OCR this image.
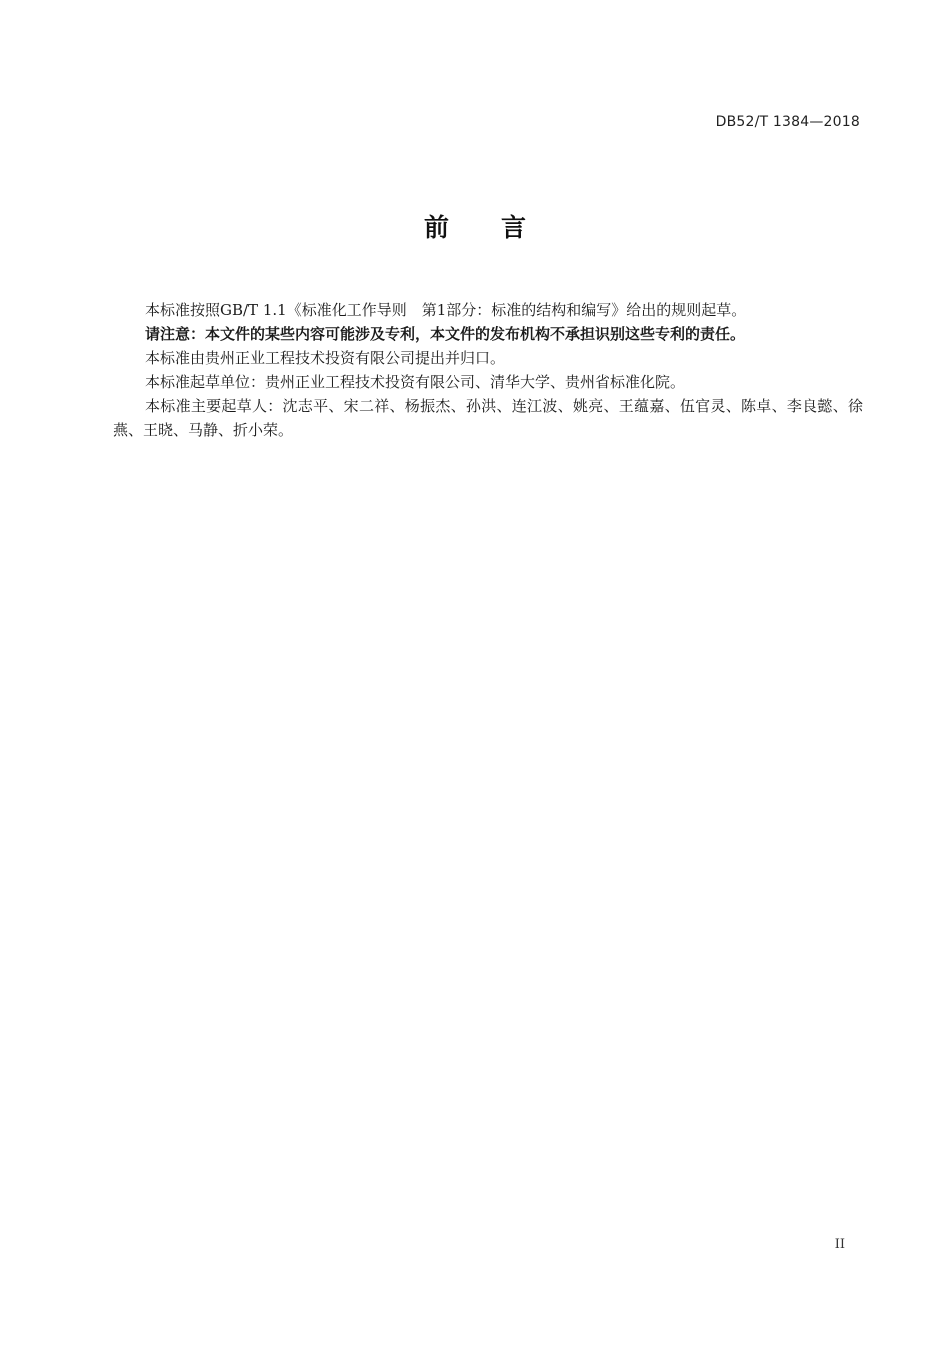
DB52/T 1384—2018
前言

本标准按照GB/T 1.1《标准化工作导则　第1部分：标准的结构和编写》给出的规则起草。

请注意：本文件的某些内容可能涉及专利，本文件的发布机构不承担识别这些专利的责任。

本标准由贵州正业工程技术投资有限公司提出并归口。

本标准起草单位：贵州正业工程技术投资有限公司、清华大学、贵州省标准化院。

本标准主要起草人：沈志平、宋二祥、杨振杰、孙洪、连江波、姚亮、王蕴嘉、伍官灵、陈卓、李良懿、徐燕、王晓、马静、折小荣。

II
